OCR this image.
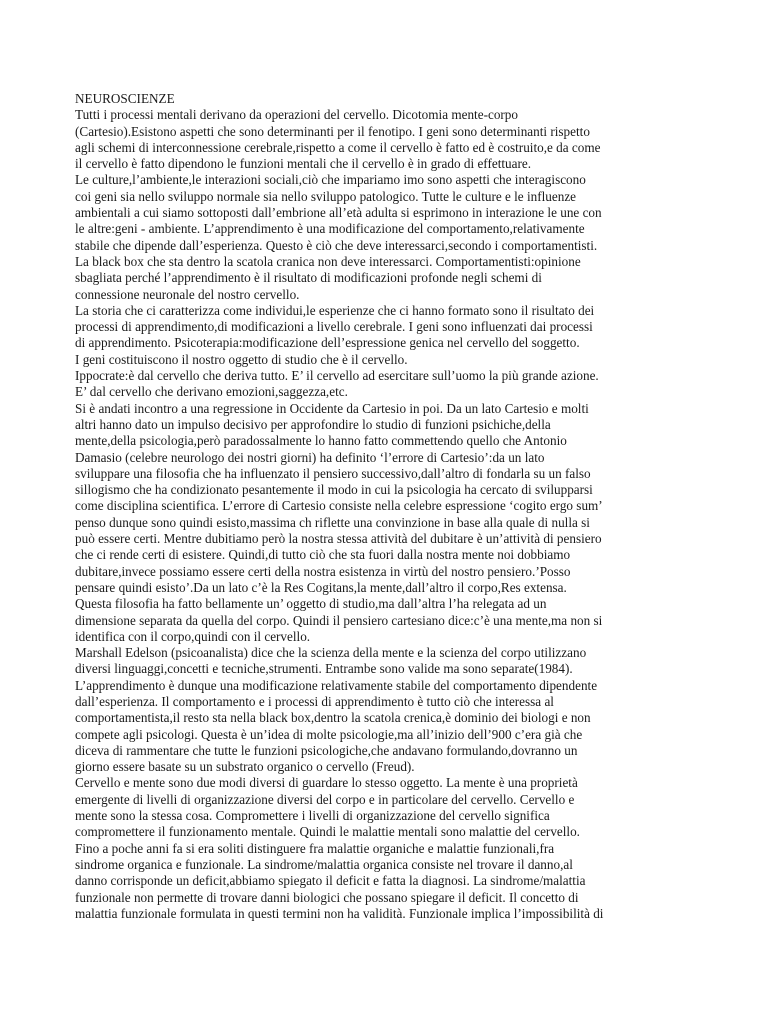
NEUROSCIENZE
Tutti i processi mentali derivano da operazioni del cervello. Dicotomia mente-corpo
(Cartesio).Esistono aspetti che sono determinanti per il fenotipo. I geni sono determinanti rispetto
agli schemi di interconnessione cerebrale,rispetto a come il cervello è fatto ed è costruito,e da come
il cervello è fatto dipendono le funzioni mentali che il cervello è in grado di effettuare.
Le culture,l’ambiente,le interazioni sociali,ciò che impariamo imo sono aspetti che interagiscono
coi geni sia nello sviluppo normale sia nello sviluppo patologico. Tutte le culture e le influenze
ambientali a cui siamo sottoposti dall’embrione all’età adulta si esprimono in interazione le une con
le altre:geni - ambiente. L’apprendimento è una modificazione del comportamento,relativamente
stabile che dipende dall’esperienza. Questo è ciò che deve interessarci,secondo i comportamentisti.
La black box che sta dentro la scatola cranica non deve interessarci. Comportamentisti:opinione
sbagliata perché l’apprendimento è il risultato di modificazioni profonde negli schemi di
connessione neuronale del nostro cervello.
La storia che ci caratterizza come individui,le esperienze che ci hanno formato sono il risultato dei
processi di apprendimento,di modificazioni a livello cerebrale. I geni sono influenzati dai processi
di apprendimento. Psicoterapia:modificazione dell’espressione genica nel cervello del soggetto.
I geni costituiscono il nostro oggetto di studio che è il cervello.
Ippocrate:è dal cervello che deriva tutto. E’ il cervello ad esercitare sull’uomo la più grande azione.
E’ dal cervello che derivano emozioni,saggezza,etc.
Si è andati incontro a una regressione in Occidente da Cartesio in poi. Da un lato Cartesio e molti
altri hanno dato un impulso decisivo per approfondire lo studio di funzioni psichiche,della
mente,della psicologia,però paradossalmente lo hanno fatto commettendo quello che Antonio
Damasio (celebre neurologo dei nostri giorni) ha definito ‘l’errore di Cartesio’:da un lato
sviluppare una filosofia che ha influenzato il pensiero successivo,dall’altro di fondarla su un falso
sillogismo che ha condizionato pesantemente il modo in cui la psicologia ha cercato di svilupparsi
come disciplina scientifica. L’errore di Cartesio consiste nella celebre espressione ‘cogito ergo sum’
penso dunque sono quindi esisto,massima ch riflette una convinzione in base alla quale di nulla si
può essere certi. Mentre dubitiamo però la nostra stessa attività del dubitare è un’attività di pensiero
che ci rende certi di esistere. Quindi,di tutto ciò che sta fuori dalla nostra mente noi dobbiamo
dubitare,invece possiamo essere certi della nostra esistenza in virtù del nostro pensiero.’Posso
pensare quindi esisto’.Da un lato c’è la Res Cogitans,la mente,dall’altro il corpo,Res extensa.
Questa filosofia ha fatto bellamente un’ oggetto di studio,ma dall’altra l’ha relegata ad un
dimensione separata da quella del corpo. Quindi il pensiero cartesiano dice:c’è una mente,ma non si
identifica con il corpo,quindi con il cervello.
Marshall Edelson (psicoanalista) dice che la scienza della mente e la scienza del corpo utilizzano
diversi linguaggi,concetti e tecniche,strumenti. Entrambe sono valide ma sono separate(1984).
L’apprendimento è dunque una modificazione relativamente stabile del comportamento dipendente
dall’esperienza. Il comportamento e i processi di apprendimento è tutto ciò che interessa al
comportamentista,il resto sta nella black box,dentro la scatola crenica,è dominio dei biologi e non
compete agli psicologi. Questa è un’idea di molte psicologie,ma all’inizio dell’900 c’era già che
diceva di rammentare che tutte le funzioni psicologiche,che andavano formulando,dovranno un
giorno essere basate su un substrato organico o cervello (Freud).
Cervello e mente sono due modi diversi di guardare lo stesso oggetto. La mente è una proprietà
emergente di livelli di organizzazione diversi del corpo e in particolare del cervello. Cervello e
mente sono la stessa cosa. Compromettere i livelli di organizzazione del cervello significa
compromettere il funzionamento mentale. Quindi le malattie mentali sono malattie del cervello.
Fino a poche anni fa si era soliti distinguere fra malattie organiche e malattie funzionali,fra
sindrome organica e funzionale. La sindrome/malattia organica consiste nel trovare il danno,al
danno corrisponde un deficit,abbiamo spiegato il deficit e fatta la diagnosi. La sindrome/malattia
funzionale non permette di trovare danni biologici che possano spiegare il deficit. Il concetto di
malattia funzionale formulata in questi termini non ha validità. Funzionale implica l’impossibilità di
